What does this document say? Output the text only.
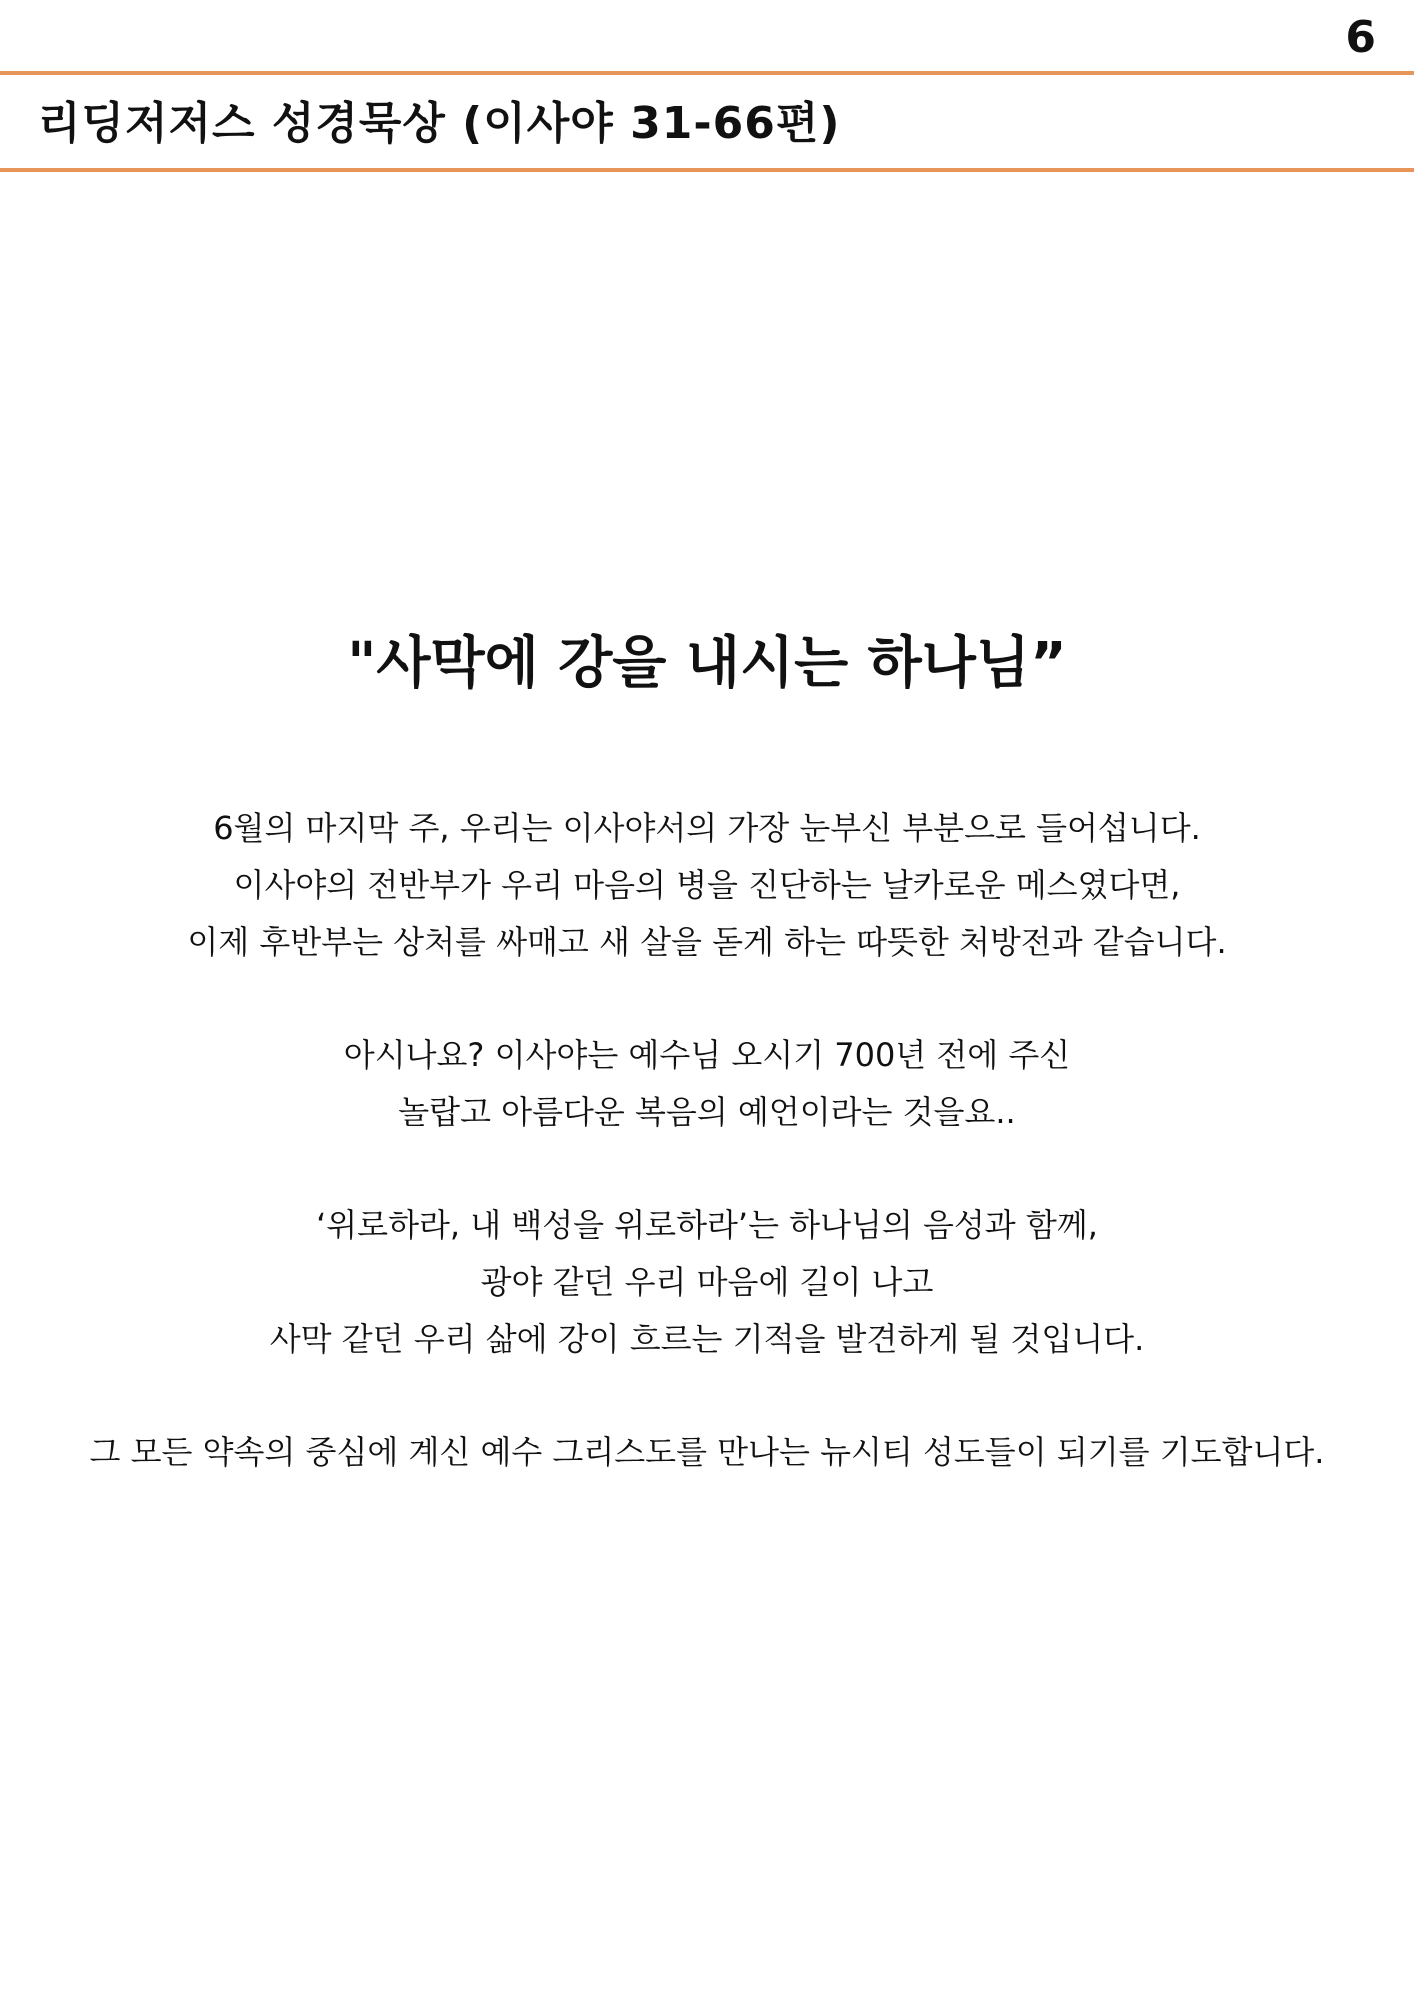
6
리딩저저스 성경묵상 (이사야 31-66편)
"사막에 강을 내시는 하나님”

6월의 마지막 주, 우리는 이사야서의 가장 눈부신 부분으로 들어섭니다.
이사야의 전반부가 우리 마음의 병을 진단하는 날카로운 메스였다면,
이제 후반부는 상처를 싸매고 새 살을 돋게 하는 따뜻한 처방전과 같습니다.

아시나요? 이사야는 예수님 오시기 700년 전에 주신
놀랍고 아름다운 복음의 예언이라는 것을요..

‘위로하라, 내 백성을 위로하라’는 하나님의 음성과 함께,
광야 같던 우리 마음에 길이 나고
사막 같던 우리 삶에 강이 흐르는 기적을 발견하게 될 것입니다.

그 모든 약속의 중심에 계신 예수 그리스도를 만나는 뉴시티 성도들이 되기를 기도합니다.
